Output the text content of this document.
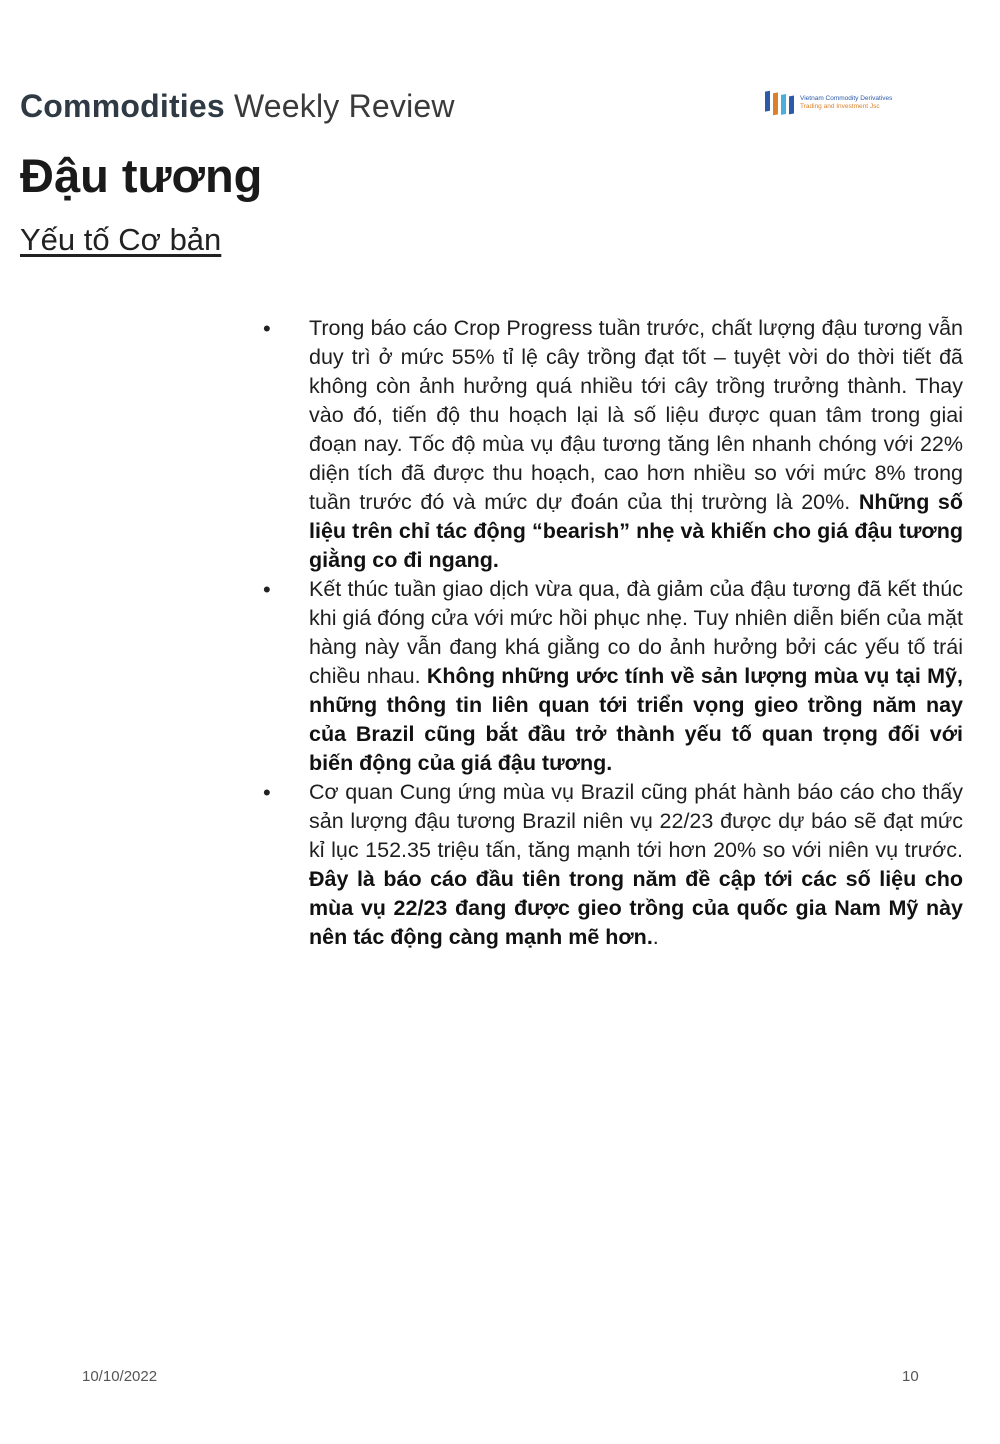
Commodities Weekly Review	Vietnam Commodity Derivatives
Trading and Investment Jsc
Đậu tương
Yếu tố Cơ bản
• Trong báo cáo Crop Progress tuần trước, chất lượng đậu tương vẫn duy trì ở mức 55% tỉ lệ cây trồng đạt tốt – tuyệt vời do thời tiết đã không còn ảnh hưởng quá nhiều tới cây trồng trưởng thành. Thay vào đó, tiến độ thu hoạch lại là số liệu được quan tâm trong giai đoạn nay. Tốc độ mùa vụ đậu tương tăng lên nhanh chóng với 22% diện tích đã được thu hoạch, cao hơn nhiều so với mức 8% trong tuần trước đó và mức dự đoán của thị trường là 20%. Những số liệu trên chỉ tác động “bearish” nhẹ và khiến cho giá đậu tương giằng co đi ngang.
• Kết thúc tuần giao dịch vừa qua, đà giảm của đậu tương đã kết thúc khi giá đóng cửa với mức hồi phục nhẹ. Tuy nhiên diễn biến của mặt hàng này vẫn đang khá giằng co do ảnh hưởng bởi các yếu tố trái chiều nhau. Không những ước tính về sản lượng mùa vụ tại Mỹ, những thông tin liên quan tới triển vọng gieo trồng năm nay của Brazil cũng bắt đầu trở thành yếu tố quan trọng đối với biến động của giá đậu tương.
• Cơ quan Cung ứng mùa vụ Brazil cũng phát hành báo cáo cho thấy sản lượng đậu tương Brazil niên vụ 22/23 được dự báo sẽ đạt mức kỉ lục 152.35 triệu tấn, tăng mạnh tới hơn 20% so với niên vụ trước. Đây là báo cáo đầu tiên trong năm đề cập tới các số liệu cho mùa vụ 22/23 đang được gieo trồng của quốc gia Nam Mỹ này nên tác động càng mạnh mẽ hơn..
10/10/2022	10
